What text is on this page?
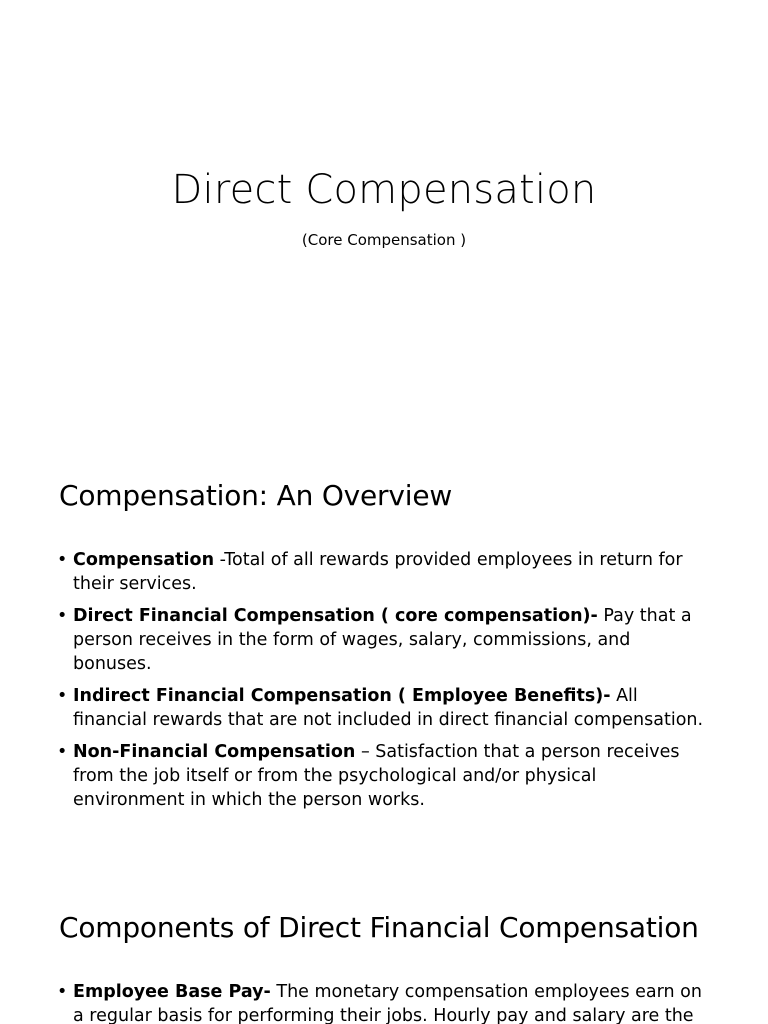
Direct Compensation
(Core Compensation )
Compensation: An Overview
• Compensation -Total of all rewards provided employees in return for their services.
• Direct Financial Compensation ( core compensation)- Pay that a person receives in the form of wages, salary, commissions, and bonuses.
• Indirect Financial Compensation ( Employee Benefits)- All financial rewards that are not included in direct financial compensation.
• Non-Financial Compensation – Satisfaction that a person receives from the job itself or from the psychological and/or physical environment in which the person works.
Components of Direct Financial Compensation
• Employee Base Pay- The monetary compensation employees earn on a regular basis for performing their jobs. Hourly pay and salary are the
